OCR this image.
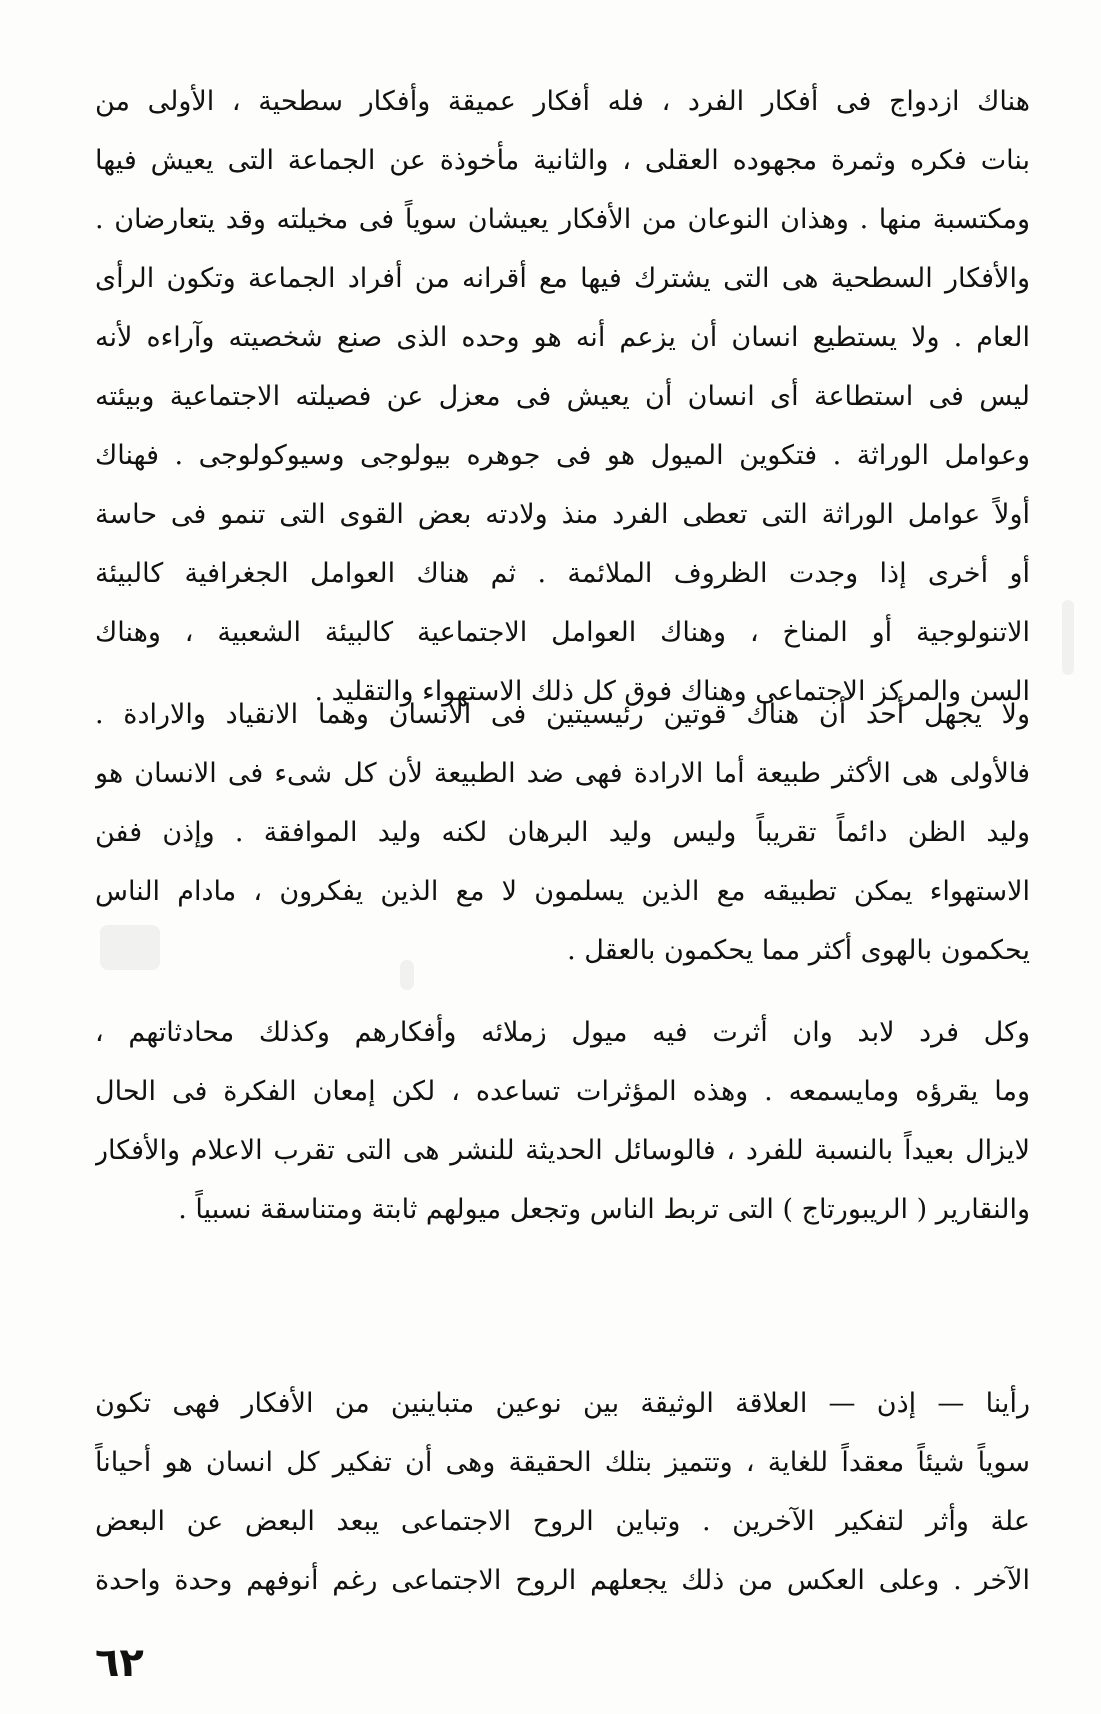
هناك ازدواج فى أفكار الفرد ، فله أفكار عميقة وأفكار سطحية ، الأولى من
بنات فكره وثمرة مجهوده العقلى ، والثانية مأخوذة عن الجماعة التى يعيش فيها
ومكتسبة منها . وهذان النوعان من الأفكار يعيشان سوياً فى مخيلته وقد يتعارضان .
والأفكار السطحية هى التى يشترك فيها مع أقرانه من أفراد الجماعة وتكون الرأى
العام . ولا يستطيع انسان أن يزعم أنه هو وحده الذى صنع شخصيته وآراءه لأنه
ليس فى استطاعة أى انسان أن يعيش فى معزل عن فصيلته الاجتماعية وبيئته
وعوامل الوراثة . فتكوين الميول هو فى جوهره بيولوجى وسيوكولوجى . فهناك
أولاً عوامل الوراثة التى تعطى الفرد منذ ولادته بعض القوى التى تنمو فى حاسة
أو أخرى إذا وجدت الظروف الملائمة . ثم هناك العوامل الجغرافية كالبيئة
الاتنولوجية أو المناخ ، وهناك العوامل الاجتماعية كالبيئة الشعبية ، وهناك
السن والمركز الاجتماعى وهناك فوق كل ذلك الاستهواء والتقليد .
ولا يجهل أحد أن هناك قوتين رئيسيتين فى الانسان وهما الانقياد والارادة .
فالأولى هى الأكثر طبيعة أما الارادة فهى ضد الطبيعة لأن كل شىء فى الانسان هو
وليد الظن دائماً تقريباً وليس وليد البرهان لكنه وليد الموافقة . وإذن ففن
الاستهواء يمكن تطبيقه مع الذين يسلمون لا مع الذين يفكرون ، مادام الناس
يحكمون بالهوى أكثر مما يحكمون بالعقل .
وكل فرد لابد وان أثرت فيه ميول زملائه وأفكارهم وكذلك محادثاتهم ،
وما يقرؤه ومايسمعه . وهذه المؤثرات تساعده ، لكن إمعان الفكرة فى الحال
لايزال بعيداً بالنسبة للفرد ، فالوسائل الحديثة للنشر هى التى تقرب الاعلام والأفكار
والنقارير ( الريبورتاج ) التى تربط الناس وتجعل ميولهم ثابتة ومتناسقة نسبياً .
رأينا — إذن — العلاقة الوثيقة بين نوعين متباينين من الأفكار فهى تكون
سوياً شيئاً معقداً للغاية ، وتتميز بتلك الحقيقة وهى أن تفكير كل انسان هو أحياناً
علة وأثر لتفكير الآخرين . وتباين الروح الاجتماعى يبعد البعض عن البعض
الآخر . وعلى العكس من ذلك يجعلهم الروح الاجتماعى رغم أنوفهم وحدة واحدة
٦٢
